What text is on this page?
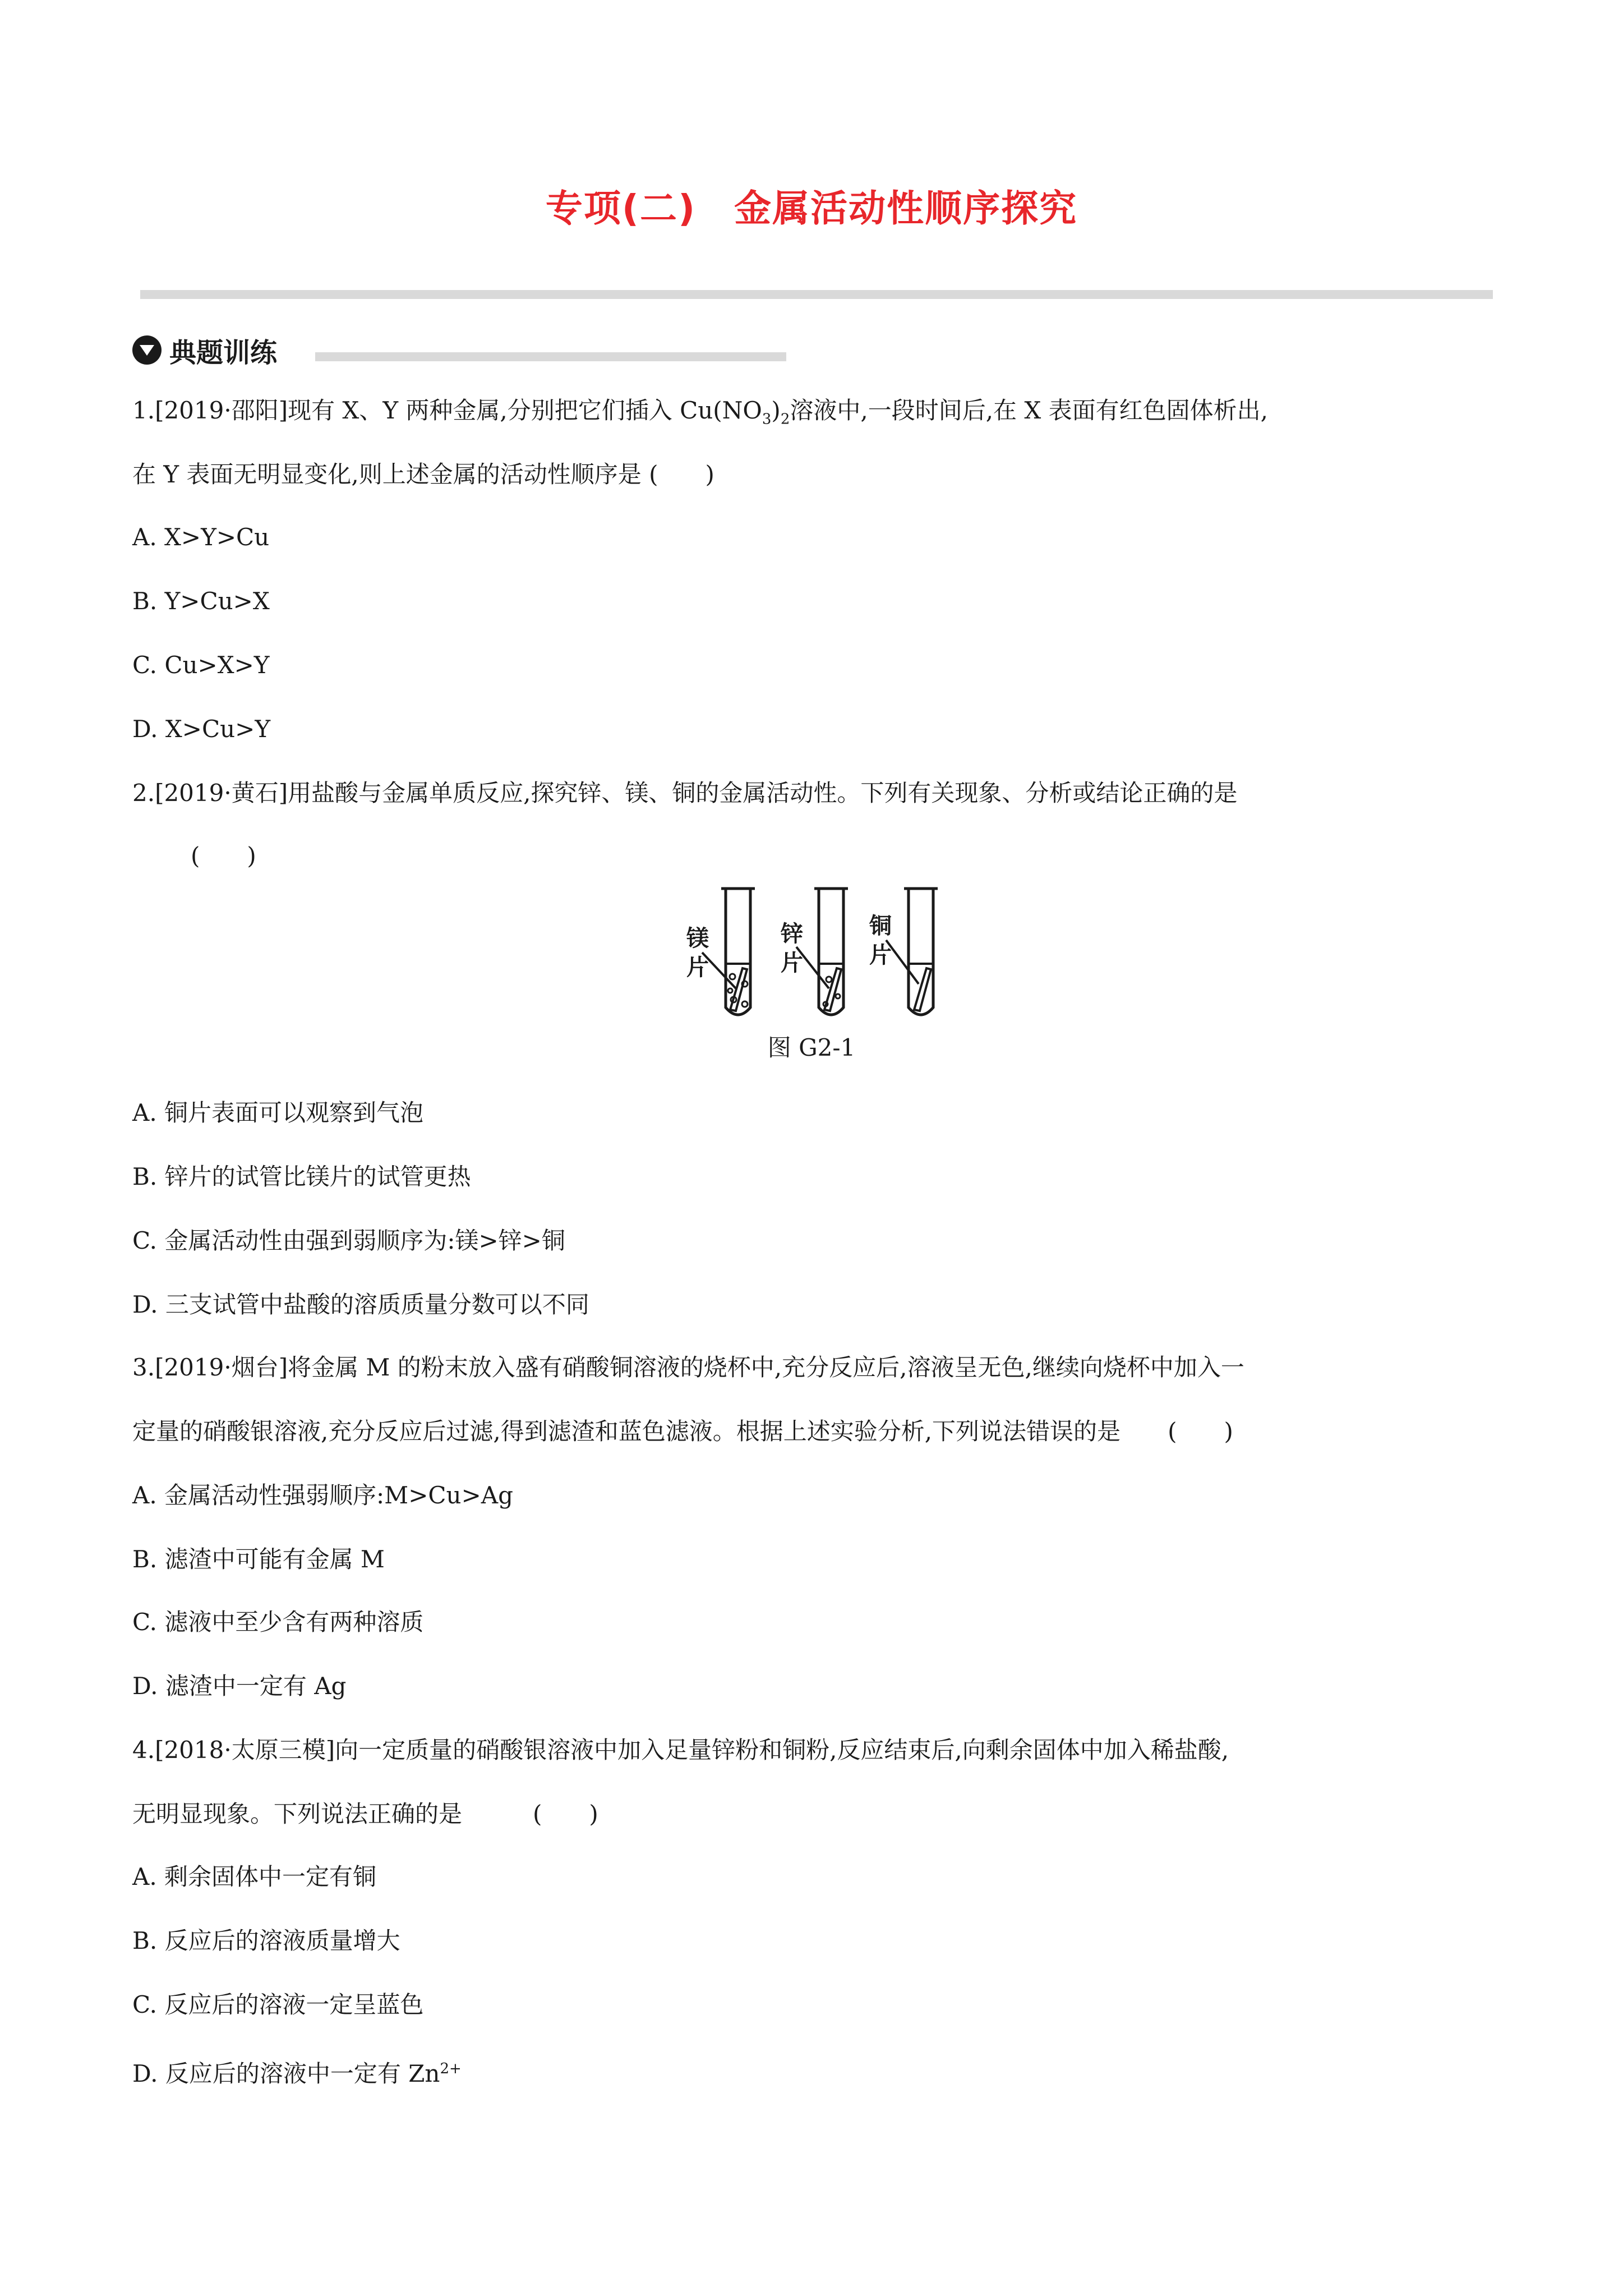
专项(二)　金属活动性顺序探究
典题训练
1.[2019·邵阳]现有 X、Y 两种金属,分别把它们插入 $Cu(NO_3)_2$溶液中,一段时间后,在 X 表面有红色固体析出,
在 Y 表面无明显变化,则上述金属的活动性顺序是 (　　)
A. X>Y>Cu
B. Y>Cu>X
C. Cu>X>Y
D. X>Cu>Y
2.[2019·黄石]用盐酸与金属单质反应,探究锌、镁、铜的金属活动性。下列有关现象、分析或结论正确的是
(　　)
镁
片
锌
片
铜
片
图 G2-1
A. 铜片表面可以观察到气泡
B. 锌片的试管比镁片的试管更热
C. 金属活动性由强到弱顺序为:镁>锌>铜
D. 三支试管中盐酸的溶质质量分数可以不同
3.[2019·烟台]将金属 M 的粉末放入盛有硝酸铜溶液的烧杯中,充分反应后,溶液呈无色,继续向烧杯中加入一
定量的硝酸银溶液,充分反应后过滤,得到滤渣和蓝色滤液。根据上述实验分析,下列说法错误的是　　 (　　)
A. 金属活动性强弱顺序:M>Cu>Ag
B. 滤渣中可能有金属 M
C. 滤液中至少含有两种溶质
D. 滤渣中一定有 Ag
4.[2018·太原三模]向一定质量的硝酸银溶液中加入足量锌粉和铜粉,反应结束后,向剩余固体中加入稀盐酸,
无明显现象。下列说法正确的是　　　	(　　)
A. 剩余固体中一定有铜
B. 反应后的溶液质量增大
C. 反应后的溶液一定呈蓝色
D. 反应后的溶液中一定有 $Zn^{2+}$
